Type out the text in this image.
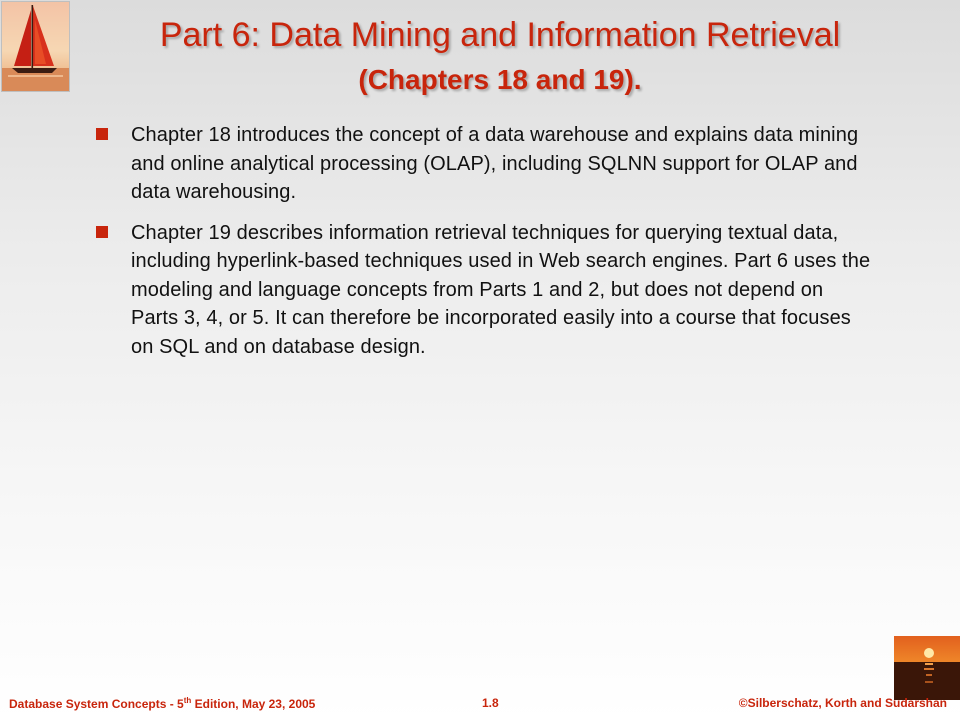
Part 6: Data Mining and Information Retrieval
(Chapters 18 and 19).
Chapter 18 introduces the concept of a data warehouse and explains data mining and online analytical processing (OLAP), including SQLNN support for OLAP and data warehousing.
Chapter 19 describes information retrieval techniques for querying textual data, including hyperlink-based techniques used in Web search engines. Part 6 uses the modeling and language concepts from Parts 1 and 2, but does not depend on Parts 3, 4, or 5. It can therefore be incorporated easily into a course that focuses on SQL and on database design.
Database System Concepts - 5th Edition, May 23, 2005	1.8	©Silberschatz, Korth and Sudarshan
